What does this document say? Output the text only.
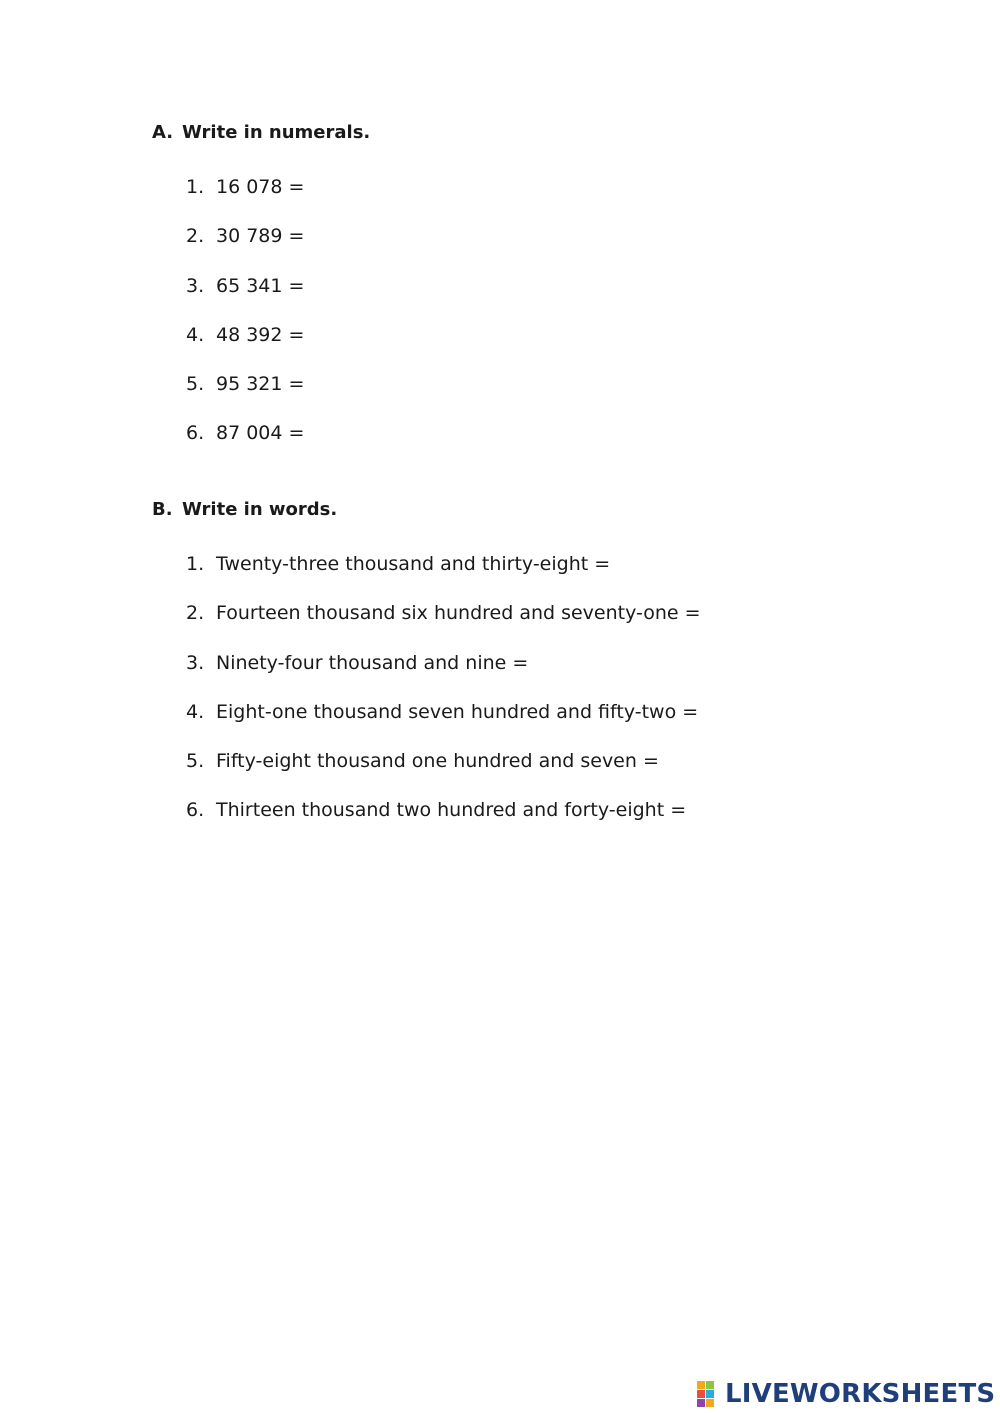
A. Write in numerals.
1. 16 078 =
2. 30 789 =
3. 65 341 =
4. 48 392 =
5. 95 321 =
6. 87 004 =
B. Write in words.
1. Twenty-three thousand and thirty-eight =
2. Fourteen thousand six hundred and seventy-one =
3. Ninety-four thousand and nine =
4. Eight-one thousand seven hundred and fifty-two =
5. Fifty-eight thousand one hundred and seven =
6. Thirteen thousand two hundred and forty-eight =
LIVEWORKSHEETS
